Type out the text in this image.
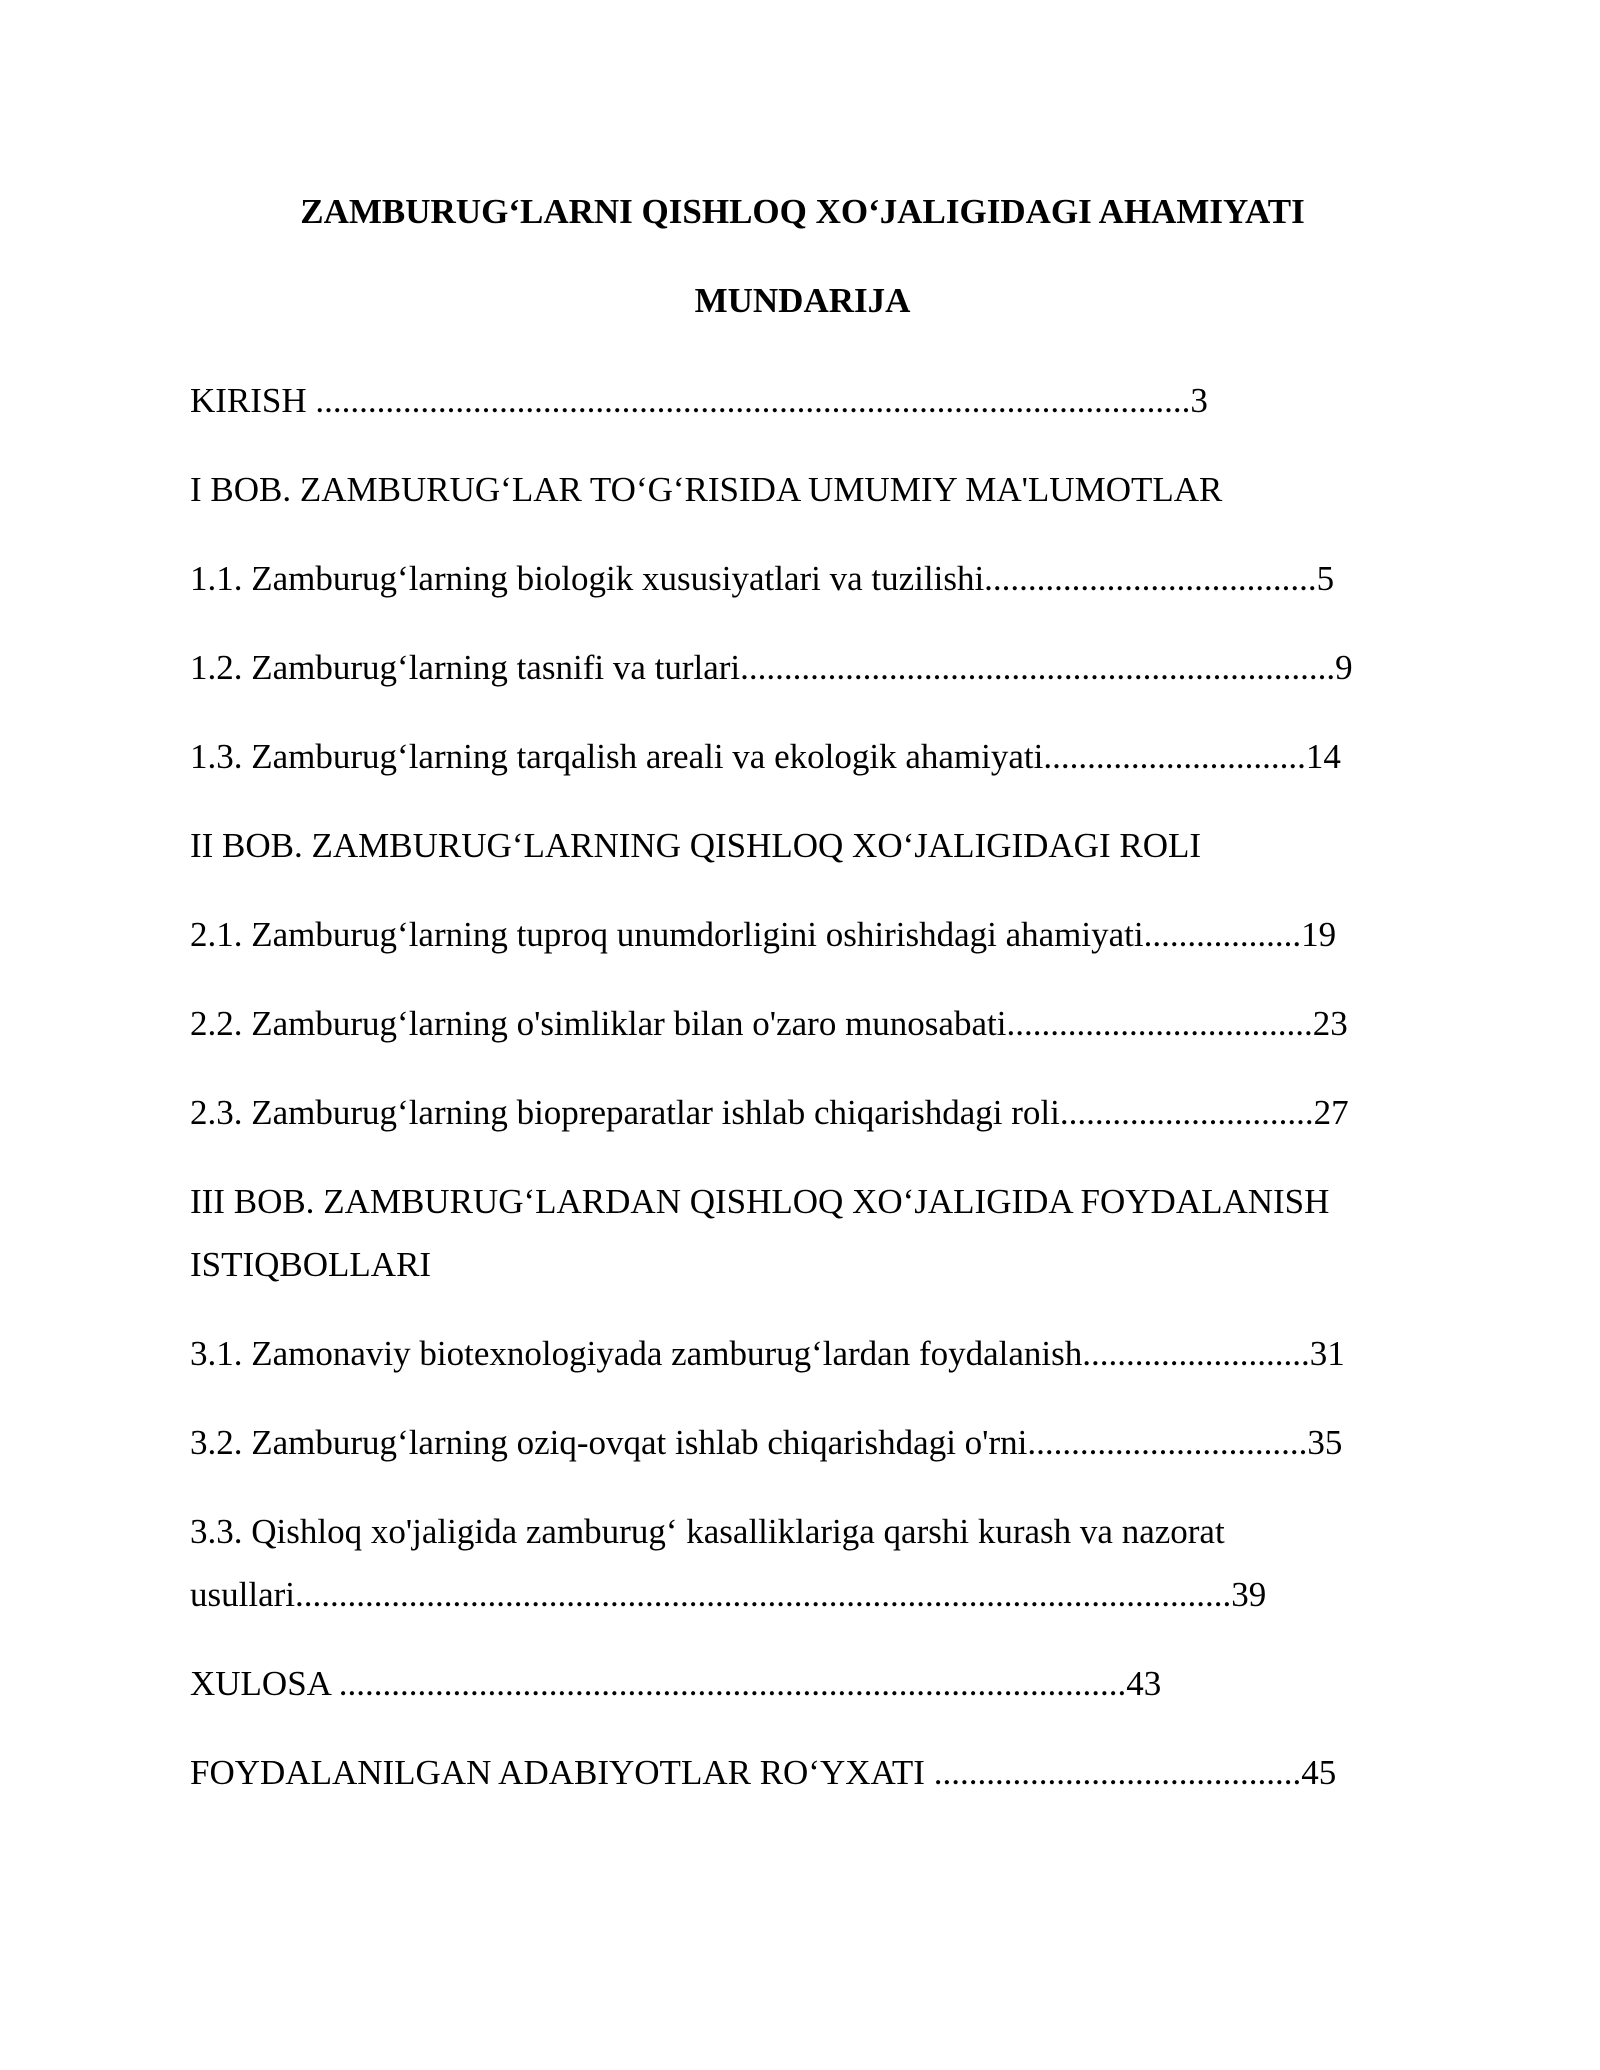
ZAMBURUG‘LARNI QISHLOQ XO‘JALIGIDAGI AHAMIYATI
MUNDARIJA
KIRISH ....................................................................................................3
I BOB. ZAMBURUG‘LAR TO‘G‘RISIDA UMUMIY MA'LUMOTLAR
1.1. Zamburug‘larning biologik xususiyatlari va tuzilishi......................................5
1.2. Zamburug‘larning tasnifi va turlari....................................................................9
1.3. Zamburug‘larning tarqalish areali va ekologik ahamiyati..............................14
II BOB. ZAMBURUG‘LARNING QISHLOQ XO‘JALIGIDAGI ROLI
2.1. Zamburug‘larning tuproq unumdorligini oshirishdagi ahamiyati..................19
2.2. Zamburug‘larning o'simliklar bilan o'zaro munosabati...................................23
2.3. Zamburug‘larning biopreparatlar ishlab chiqarishdagi roli.............................27
III BOB. ZAMBURUG‘LARDAN QISHLOQ XO‘JALIGIDA FOYDALANISH
ISTIQBOLLARI
3.1. Zamonaviy biotexnologiyada zamburug‘lardan foydalanish..........................31
3.2. Zamburug‘larning oziq-ovqat ishlab chiqarishdagi o'rni................................35
3.3. Qishloq xo'jaligida zamburug‘ kasalliklariga qarshi kurash va nazorat
usullari...........................................................................................................39
XULOSA ..........................................................................................43
FOYDALANILGAN ADABIYOTLAR RO‘YXATI ..........................................45
